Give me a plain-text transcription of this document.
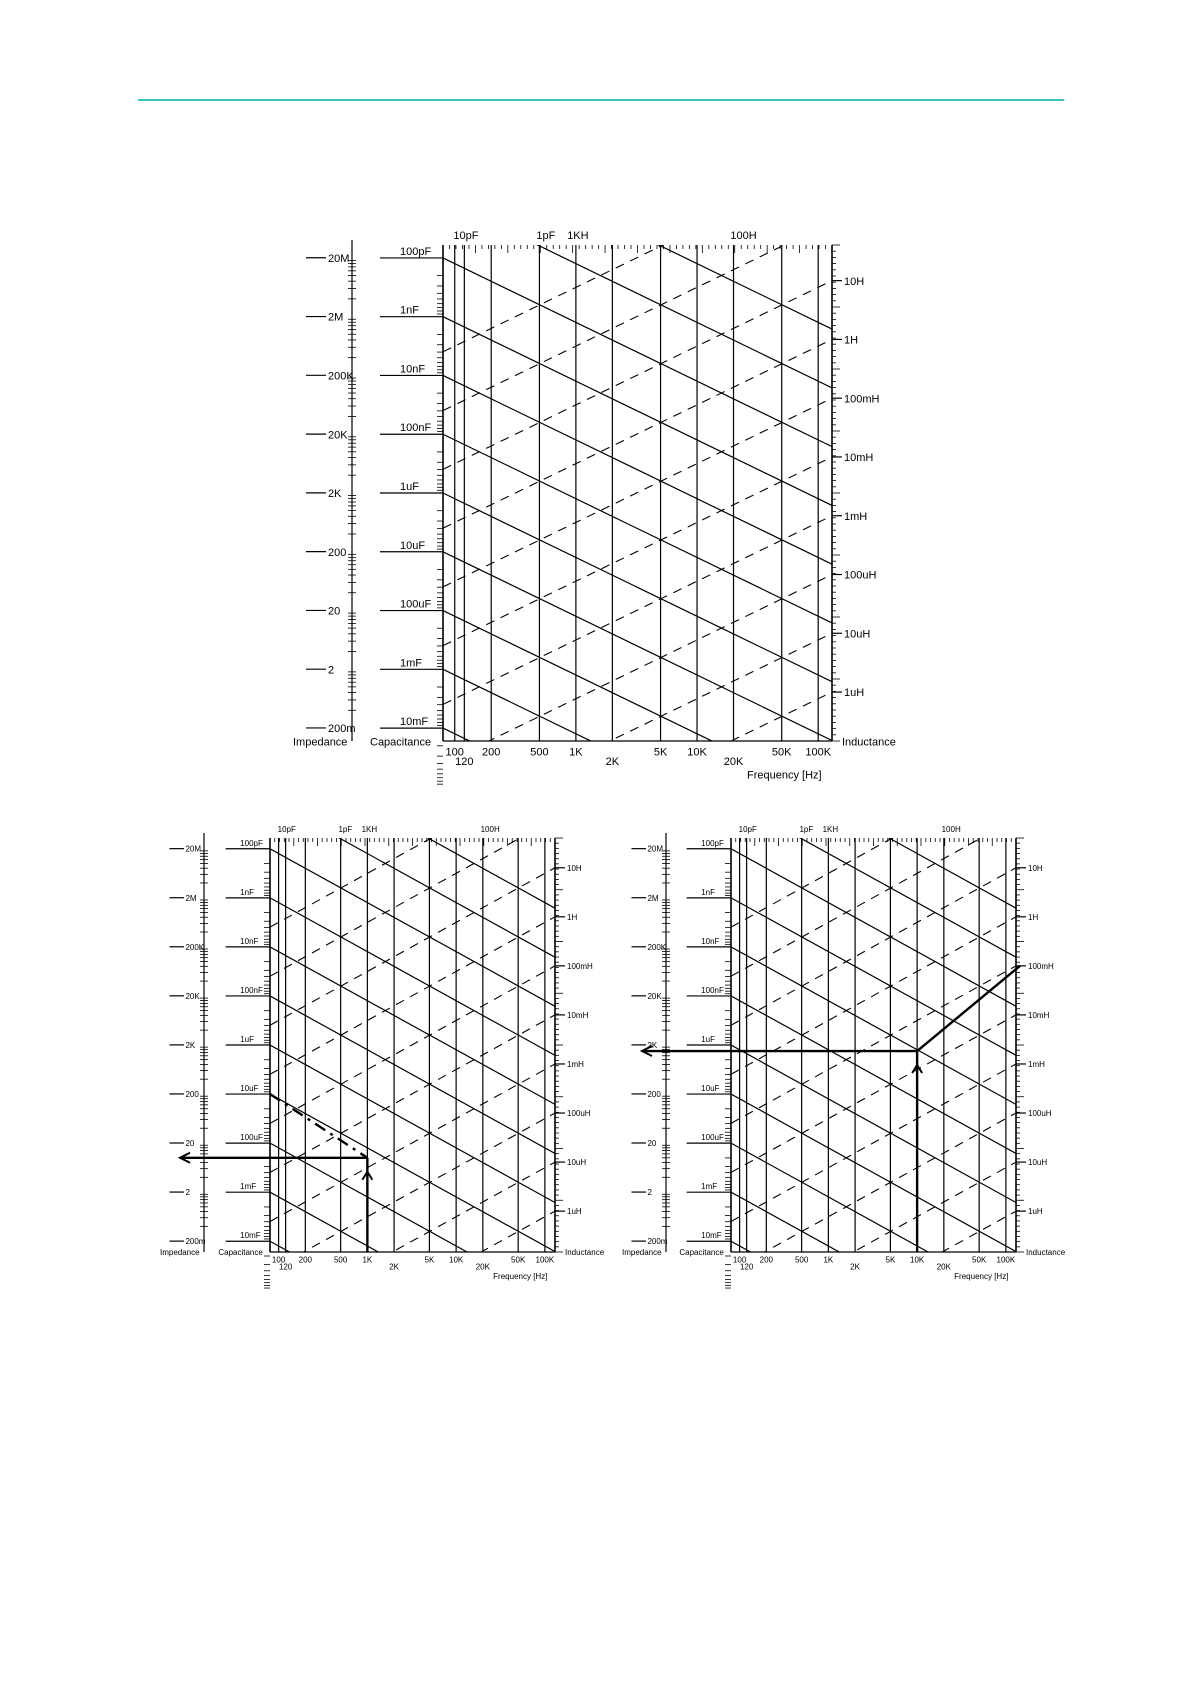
20M
2M
200K
20K
2K
200
20
2
200m
100pF
1nF
10nF
100nF
1uF
10uF
100uF
1mF
10mF
10H
1H
100mH
10mH
1mH
100uH
10uH
1uH
100
120
200	500 1K
2K
5K 10K
20K
50K 100K
10pF	1pF 1KH	100H
Impedance Capacitance	Inductance
Frequency [Hz]
20M
2M
200K
20K
2K
200
20
2
200m
100pF
1nF
10nF
100nF
1uF
10uF
100uF
1mF
10mF
10H
1H
100mH
10mH
1mH
100uH
10uH
1uH
100
120
200	500 1K
2K
5K 10K
20K
50K 100K
10pF	1pF 1KH	100H
Impedance Capacitance	Inductance
Frequency [Hz]
20M
2M
200K
20K
2K
200
20
2
200m
100pF
1nF
10nF
100nF
1uF
10uF
100uF
1mF
10mF
10H
1H
100mH
10mH
1mH
100uH
10uH
1uH
100
120
200	500 1K
2K
5K 10K
20K
50K 100K
10pF	1pF 1KH	100H
Impedance Capacitance	Inductance
Frequency [Hz]
